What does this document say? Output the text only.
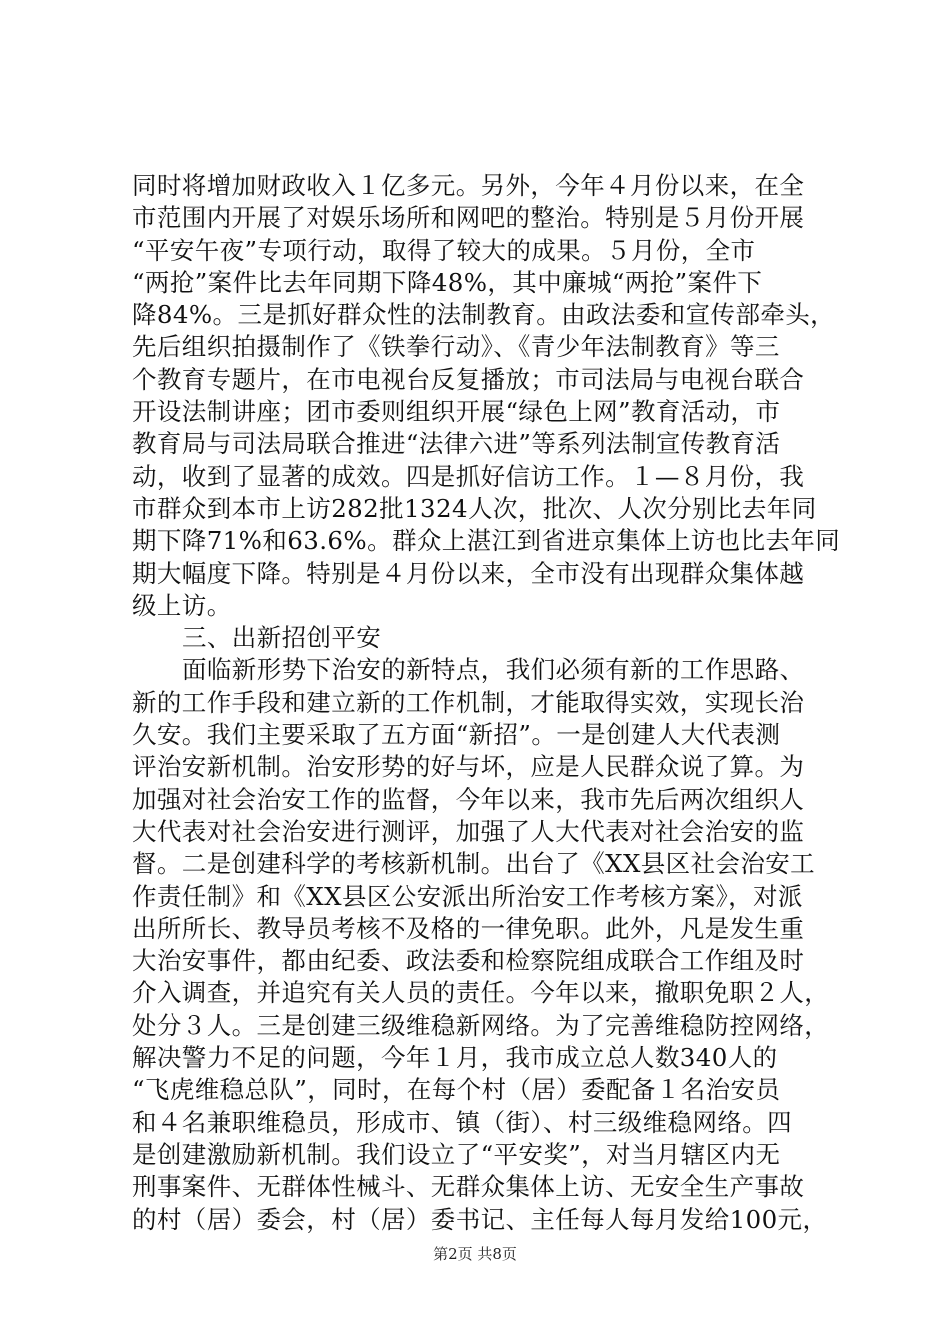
同时将增加财政收入１亿多元。另外，今年４月份以来，在全
市范围内开展了对娱乐场所和网吧的整治。特别是５月份开展
“平安午夜”专项行动，取得了较大的成果。５月份，全市
“两抢”案件比去年同期下降48%，其中廉城“两抢”案件下
降84%。三是抓好群众性的法制教育。由政法委和宣传部牵头，
先后组织拍摄制作了《铁拳行动》、《青少年法制教育》等三
个教育专题片，在市电视台反复播放；市司法局与电视台联合
开设法制讲座；团市委则组织开展“绿色上网”教育活动，市
教育局与司法局联合推进“法律六进”等系列法制宣传教育活
动，收到了显著的成效。四是抓好信访工作。１—８月份，我
市群众到本市上访282批1324人次，批次、人次分别比去年同
期下降71%和63.6%。群众上湛江到省进京集体上访也比去年同
期大幅度下降。特别是４月份以来，全市没有出现群众集体越
级上访。
三、出新招创平安
面临新形势下治安的新特点，我们必须有新的工作思路、
新的工作手段和建立新的工作机制，才能取得实效，实现长治
久安。我们主要采取了五方面“新招”。一是创建人大代表测
评治安新机制。治安形势的好与坏，应是人民群众说了算。为
加强对社会治安工作的监督，今年以来，我市先后两次组织人
大代表对社会治安进行测评，加强了人大代表对社会治安的监
督。二是创建科学的考核新机制。出台了《XX县区社会治安工
作责任制》和《XX县区公安派出所治安工作考核方案》，对派
出所所长、教导员考核不及格的一律免职。此外，凡是发生重
大治安事件，都由纪委、政法委和检察院组成联合工作组及时
介入调查，并追究有关人员的责任。今年以来，撤职免职２人，
处分３人。三是创建三级维稳新网络。为了完善维稳防控网络，
解决警力不足的问题，今年１月，我市成立总人数340人的
“飞虎维稳总队”，同时，在每个村（居）委配备１名治安员
和４名兼职维稳员，形成市、镇（街）、村三级维稳网络。四
是创建激励新机制。我们设立了“平安奖”，对当月辖区内无
刑事案件、无群体性械斗、无群众集体上访、无安全生产事故
的村（居）委会，村（居）委书记、主任每人每月发给100元，
第2页 共8页
